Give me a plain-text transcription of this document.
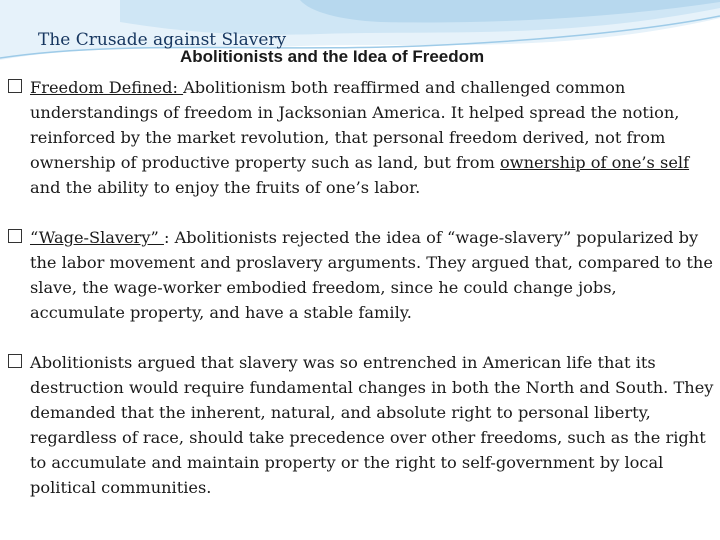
The Crusade against Slavery
Abolitionists and the Idea of Freedom
Freedom Defined: Abolitionism both reaffirmed and challenged common understandings of freedom in Jacksonian America. It helped spread the notion, reinforced by the market revolution, that personal freedom derived, not from ownership of productive property such as land, but from ownership of one’s self and the ability to enjoy the fruits of one’s labor.
“Wage-Slavery” : Abolitionists rejected the idea of “wage-slavery” popularized by the labor movement and proslavery arguments. They argued that, compared to the slave, the wage-worker embodied freedom, since he could change jobs, accumulate property, and have a stable family.
Abolitionists argued that slavery was so entrenched in American life that its destruction would require fundamental changes in both the North and South. They demanded that the inherent, natural, and absolute right to personal liberty, regardless of race, should take precedence over other freedoms, such as the right to accumulate and maintain property or the right to self-government by local political communities.
